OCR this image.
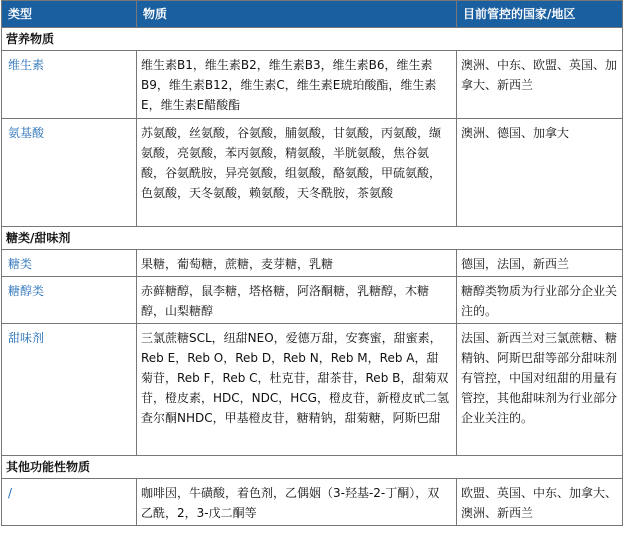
类型	物质	目前管控的国家/地区
营养物质		
维生素	维生素B1，维生素B2，维生素B3，维生素B6，维生素B9，维生素B12，维生素C，维生素E琥珀酸酯，维生素E，维生素E醋酸酯	澳洲、中东、欧盟、英国、加拿大、新西兰
氨基酸	苏氨酸，丝氨酸，谷氨酸，脯氨酸，甘氨酸，丙氨酸，缬氨酸，亮氨酸，苯丙氨酸，精氨酸，半胱氨酸，焦谷氨酸，谷氨酰胺，异亮氨酸，组氨酸，酪氨酸，甲硫氨酸，色氨酸，天冬氨酸，赖氨酸，天冬酰胺，茶氨酸	澳洲、德国、加拿大
糖类/甜味剂		
糖类	果糖，葡萄糖，蔗糖，麦芽糖，乳糖	德国，法国，新西兰
糖醇类	赤藓糖醇，鼠李糖，塔格糖，阿洛酮糖，乳糖醇，木糖醇，山梨糖醇	糖醇类物质为行业部分企业关注的。
甜味剂	三氯蔗糖SCL，纽甜NEO，爱德万甜，安赛蜜，甜蜜素，Reb E，Reb O，Reb D，Reb N，Reb M，Reb A，甜菊苷，Reb F，Reb C，杜克苷，甜茶苷，Reb B，甜菊双苷，橙皮素，HDC，NDC，HCG，橙皮苷，新橙皮甙二氢查尔酮NHDC，甲基橙皮苷，糖精钠，甜菊糖，阿斯巴甜	法国、新西兰对三氯蔗糖、糖精钠、阿斯巴甜等部分甜味剂有管控，中国对纽甜的用量有管控，其他甜味剂为行业部分企业关注的。
其他功能性物质		
/	咖啡因，牛磺酸，着色剂，乙偶姻（3-羟基-2-丁酮），双乙酰，2，3-戊二酮等	欧盟、英国、中东、加拿大、澳洲、新西兰
